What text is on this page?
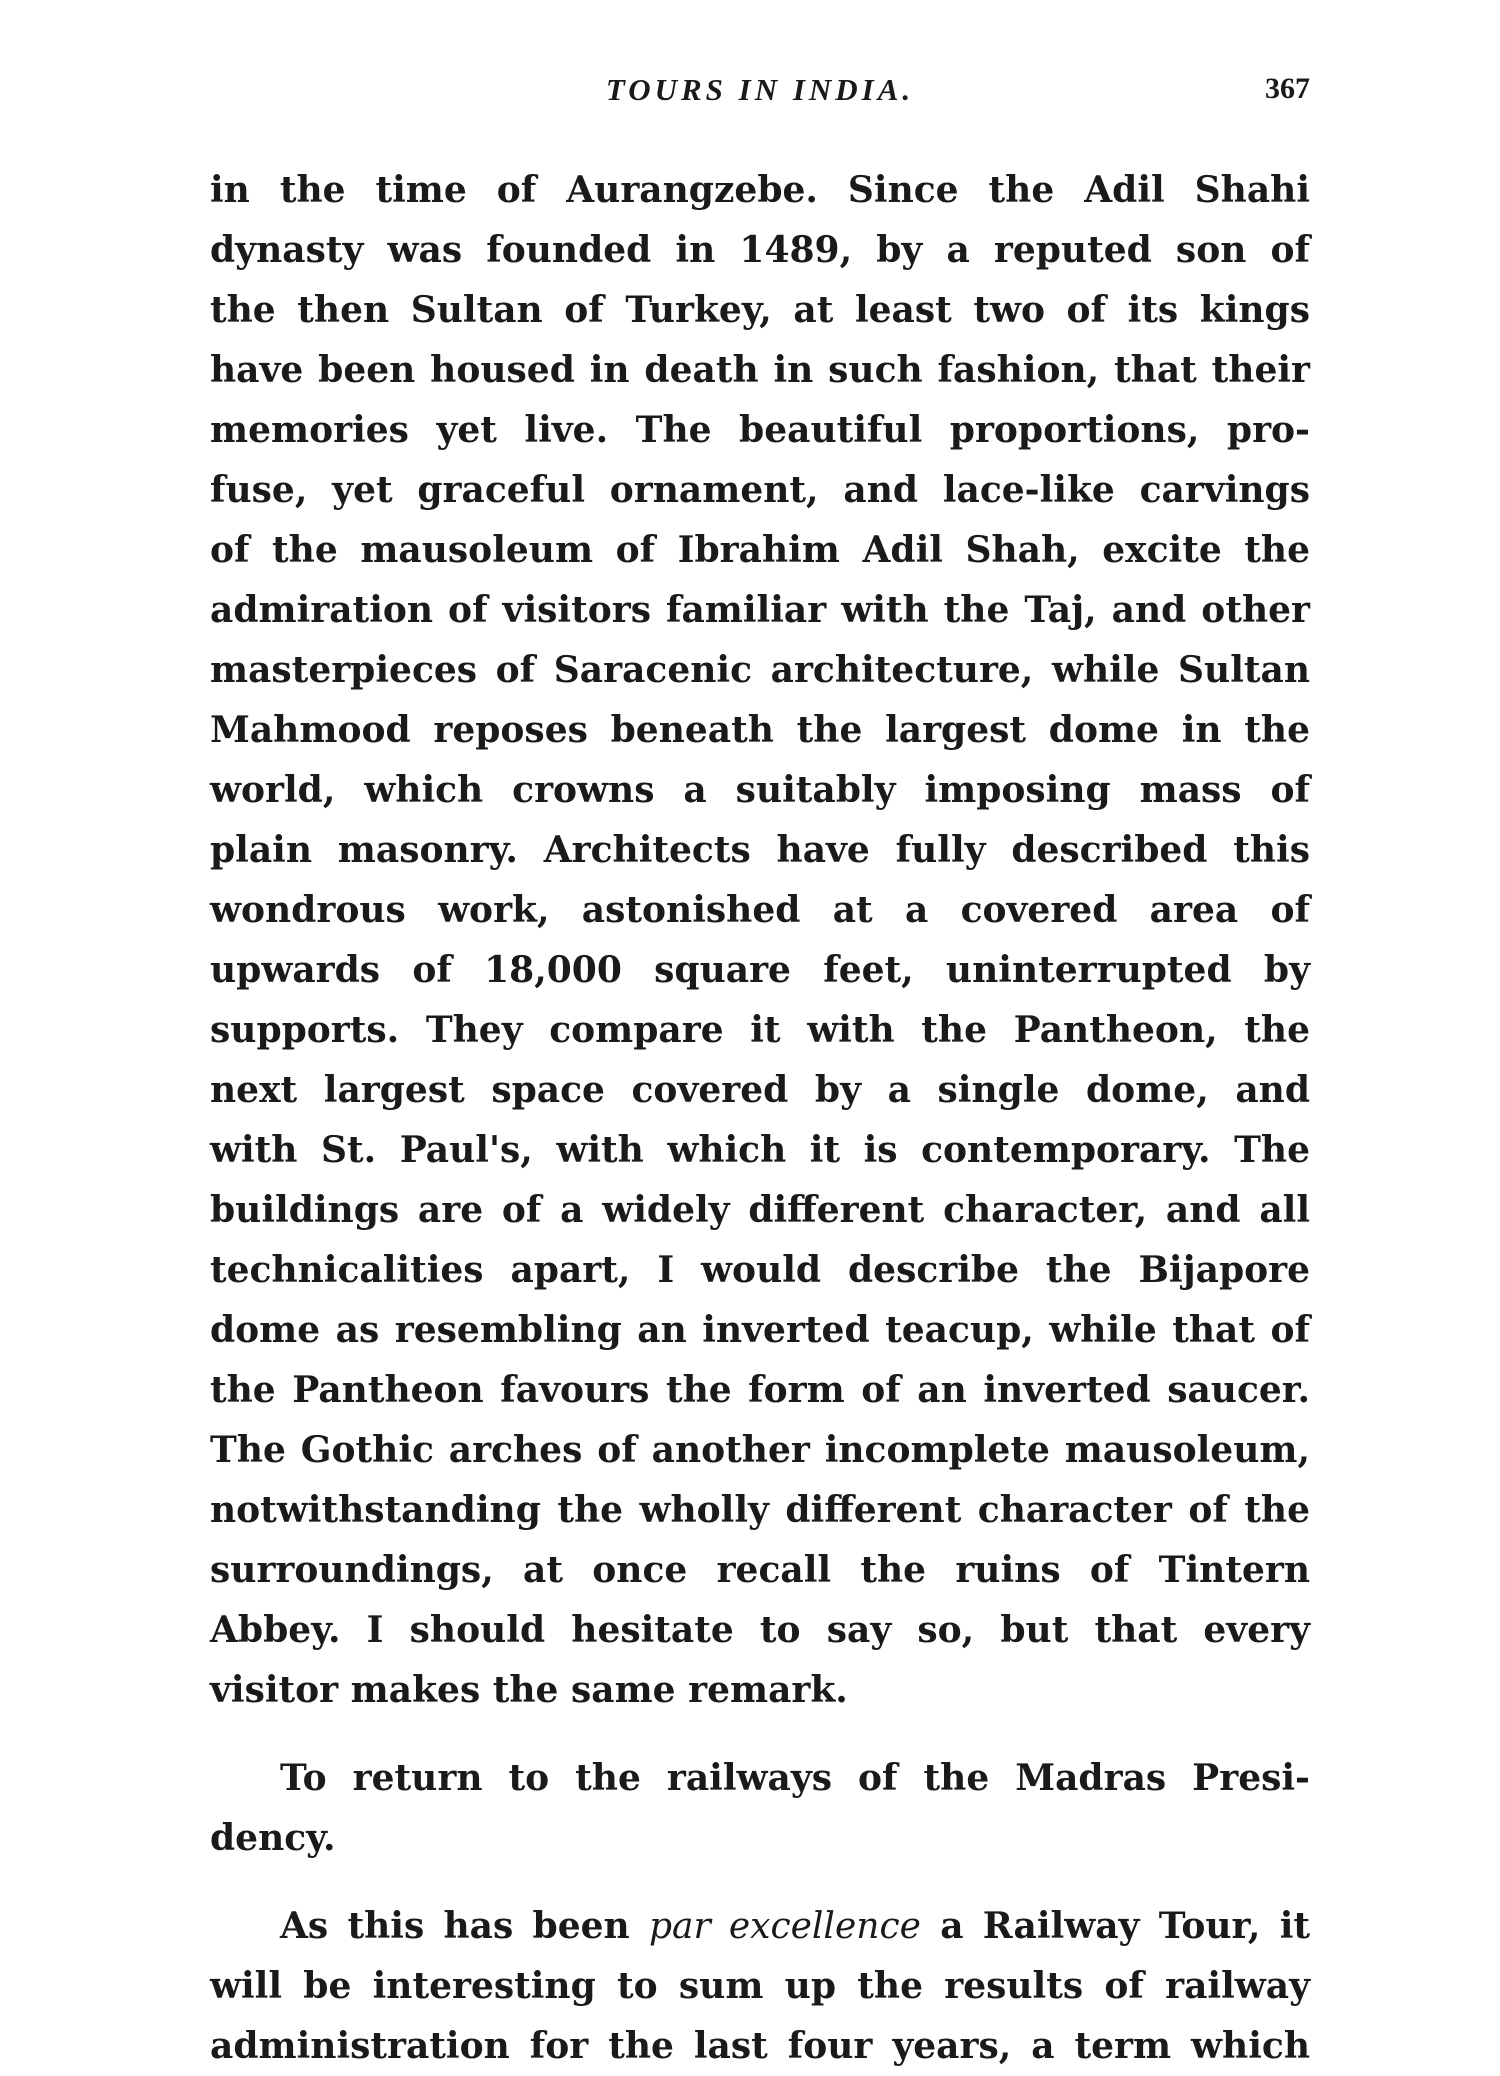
TOURS IN INDIA.	367
in the time of Aurangzebe. Since the Adil Shahi
dynasty was founded in 1489, by a reputed son of
the then Sultan of Turkey, at least two of its kings
have been housed in death in such fashion, that their
memories yet live. The beautiful proportions, pro-
fuse, yet graceful ornament, and lace-like carvings
of the mausoleum of Ibrahim Adil Shah, excite the
admiration of visitors familiar with the Taj, and other
masterpieces of Saracenic architecture, while Sultan
Mahmood reposes beneath the largest dome in the
world, which crowns a suitably imposing mass of
plain masonry. Architects have fully described this
wondrous work, astonished at a covered area of
upwards of 18,000 square feet, uninterrupted by
supports. They compare it with the Pantheon, the
next largest space covered by a single dome, and
with St. Paul's, with which it is contemporary. The
buildings are of a widely different character, and all
technicalities apart, I would describe the Bijapore
dome as resembling an inverted teacup, while that of
the Pantheon favours the form of an inverted saucer.
The Gothic arches of another incomplete mausoleum,
notwithstanding the wholly different character of the
surroundings, at once recall the ruins of Tintern
Abbey. I should hesitate to say so, but that every
visitor makes the same remark.
To return to the railways of the Madras Presi-
dency.
As this has been par excellence a Railway Tour, it
will be interesting to sum up the results of railway
administration for the last four years, a term which
